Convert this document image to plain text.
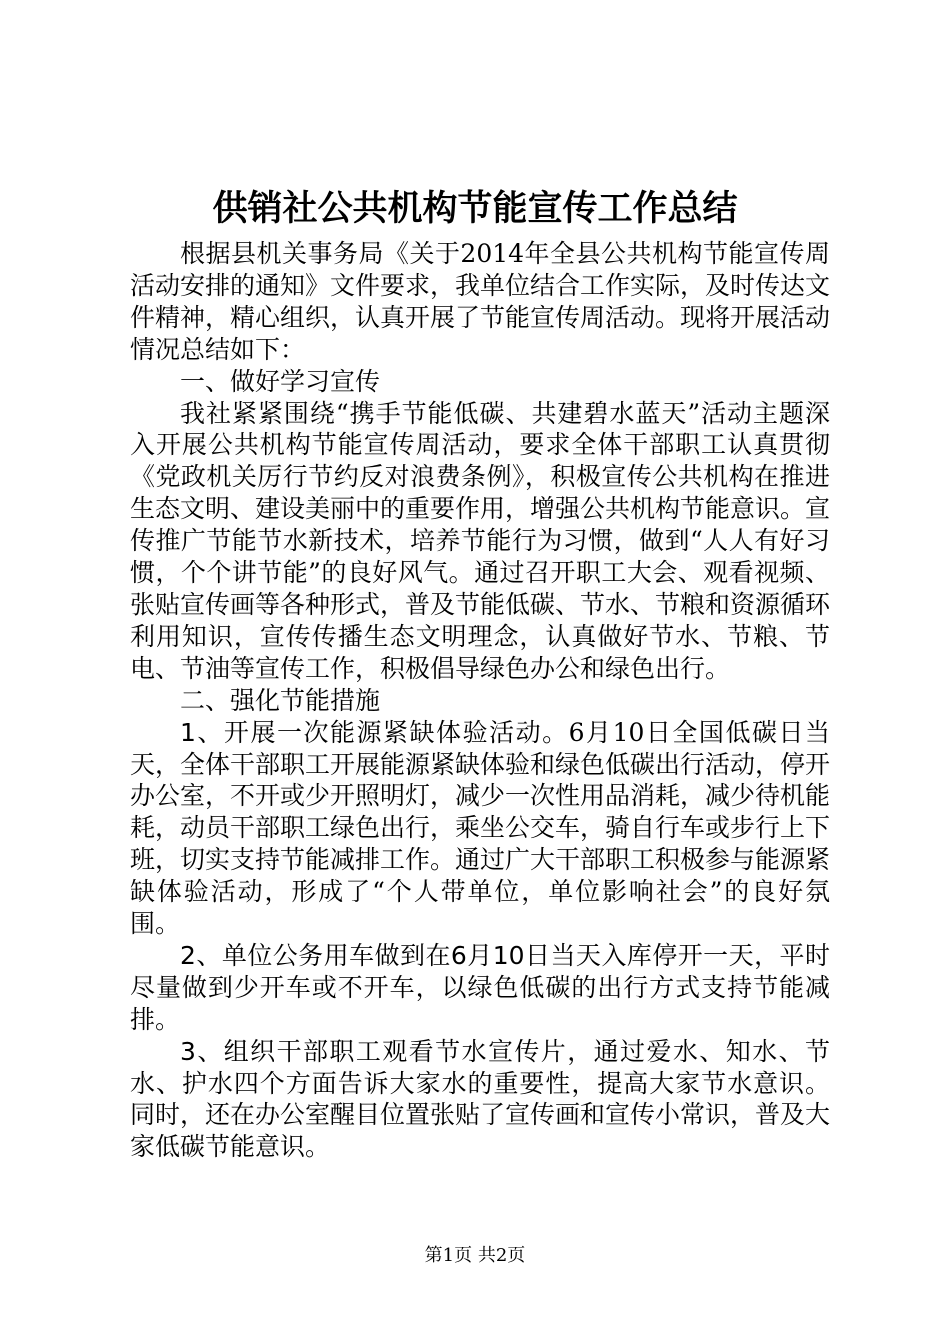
供销社公共机构节能宣传工作总结

根据县机关事务局《关于2014年全县公共机构节能宣传周活动安排的通知》文件要求，我单位结合工作实际，及时传达文件精神，精心组织，认真开展了节能宣传周活动。现将开展活动情况总结如下：

一、做好学习宣传

我社紧紧围绕“携手节能低碳、共建碧水蓝天”活动主题深入开展公共机构节能宣传周活动，要求全体干部职工认真贯彻《党政机关厉行节约反对浪费条例》，积极宣传公共机构在推进生态文明、建设美丽中的重要作用，增强公共机构节能意识。宣传推广节能节水新技术，培养节能行为习惯，做到“人人有好习惯，个个讲节能”的良好风气。通过召开职工大会、观看视频、张贴宣传画等各种形式，普及节能低碳、节水、节粮和资源循环利用知识，宣传传播生态文明理念，认真做好节水、节粮、节电、节油等宣传工作，积极倡导绿色办公和绿色出行。

二、强化节能措施

1、开展一次能源紧缺体验活动。6月10日全国低碳日当天，全体干部职工开展能源紧缺体验和绿色低碳出行活动，停开办公室，不开或少开照明灯，减少一次性用品消耗，减少待机能耗，动员干部职工绿色出行，乘坐公交车，骑自行车或步行上下班，切实支持节能减排工作。通过广大干部职工积极参与能源紧缺体验活动，形成了“个人带单位，单位影响社会”的良好氛围。

2、单位公务用车做到在6月10日当天入库停开一天，平时尽量做到少开车或不开车，以绿色低碳的出行方式支持节能减排。

3、组织干部职工观看节水宣传片，通过爱水、知水、节水、护水四个方面告诉大家水的重要性，提高大家节水意识。同时，还在办公室醒目位置张贴了宣传画和宣传小常识，普及大家低碳节能意识。

第1页 共2页
